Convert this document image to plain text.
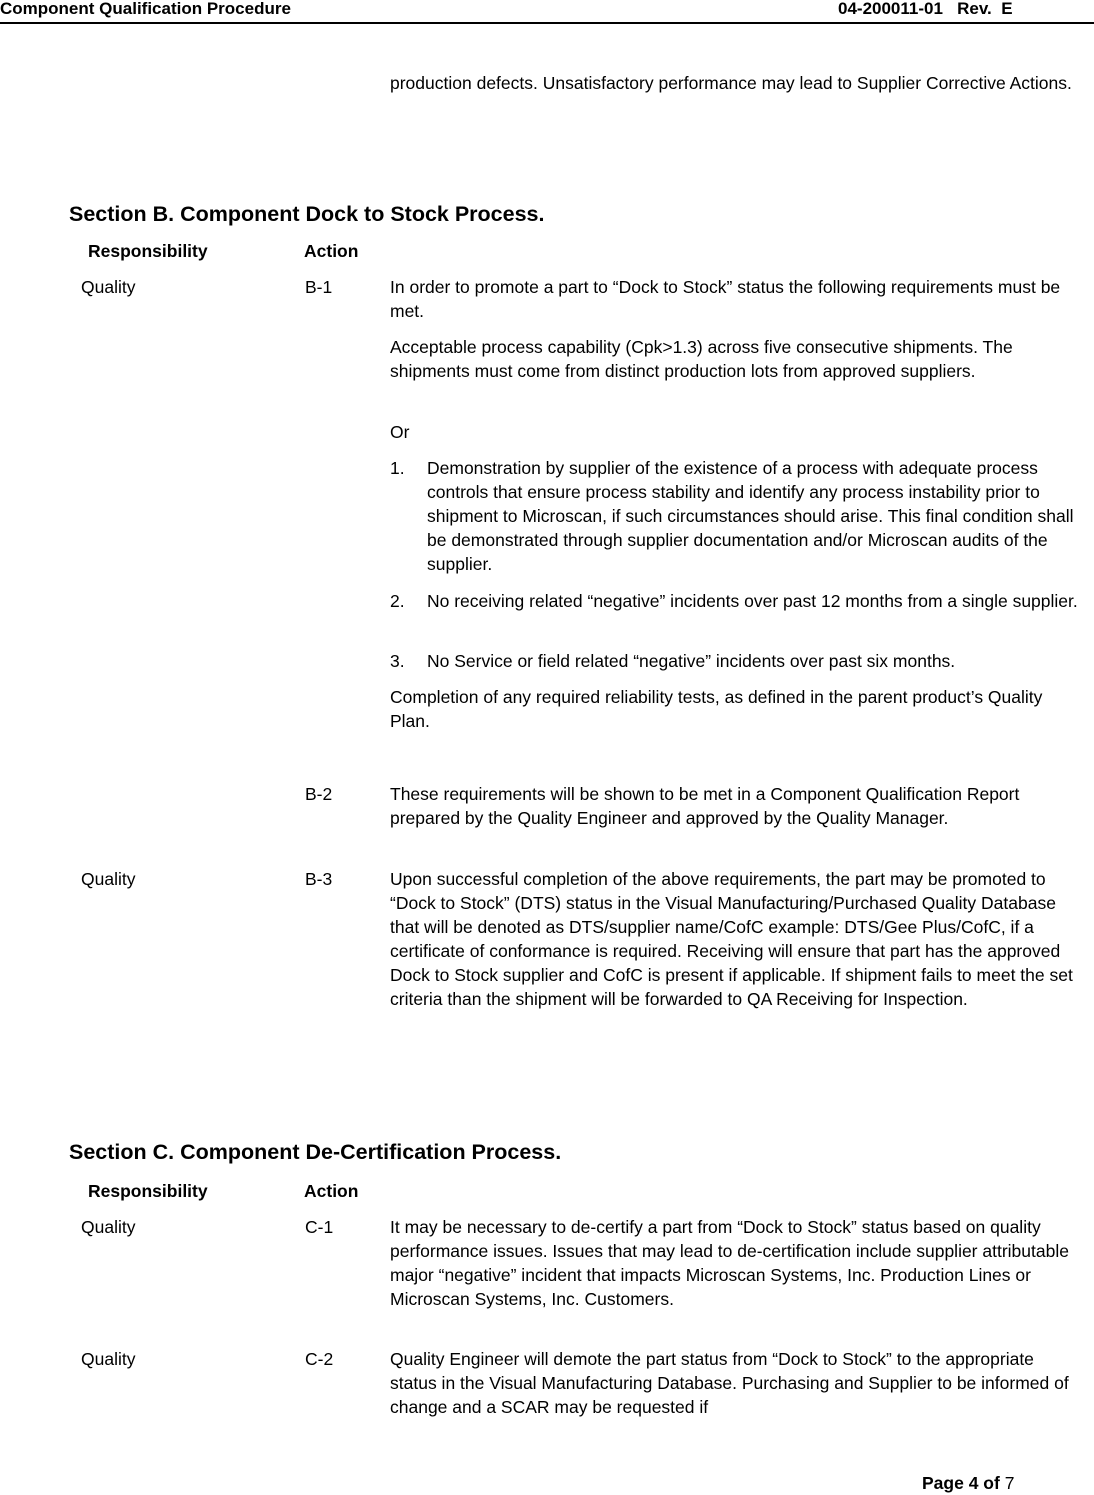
Component Qualification Procedure	04-200011-01   Rev.  E
production defects. Unsatisfactory performance may lead to Supplier Corrective Actions.
Section B. Component Dock to Stock Process.
Responsibility	Action
Quality	B-1	In order to promote a part to “Dock to Stock” status the following requirements must be met.
Acceptable process capability (Cpk>1.3) across five consecutive shipments. The shipments must come from distinct production lots from approved suppliers.
Or
1. Demonstration by supplier of the existence of a process with adequate process controls that ensure process stability and identify any process instability prior to shipment to Microscan, if such circumstances should arise. This final condition shall be demonstrated through supplier documentation and/or Microscan audits of the supplier.
2. No receiving related “negative” incidents over past 12 months from a single supplier.
3. No Service or field related “negative” incidents over past six months.
Completion of any required reliability tests, as defined in the parent product’s Quality Plan.
B-2	These requirements will be shown to be met in a Component Qualification Report prepared by the Quality Engineer and approved by the Quality Manager.
Quality	B-3	Upon successful completion of the above requirements, the part may be promoted to “Dock to Stock” (DTS) status in the Visual Manufacturing/Purchased Quality Database that will be denoted as DTS/supplier name/CofC example: DTS/Gee Plus/CofC, if a certificate of conformance is required. Receiving will ensure that part has the approved Dock to Stock supplier and CofC is present if applicable. If shipment fails to meet the set criteria than the shipment will be forwarded to QA Receiving for Inspection.
Section C. Component De-Certification Process.
Responsibility	Action
Quality	C-1	It may be necessary to de-certify a part from “Dock to Stock” status based on quality performance issues. Issues that may lead to de-certification include supplier attributable major “negative” incident that impacts Microscan Systems, Inc. Production Lines or Microscan Systems, Inc. Customers.
Quality	C-2	Quality Engineer will demote the part status from “Dock to Stock” to the appropriate status in the Visual Manufacturing Database. Purchasing and Supplier to be informed of change and a SCAR may be requested if
Page 4 of 7
